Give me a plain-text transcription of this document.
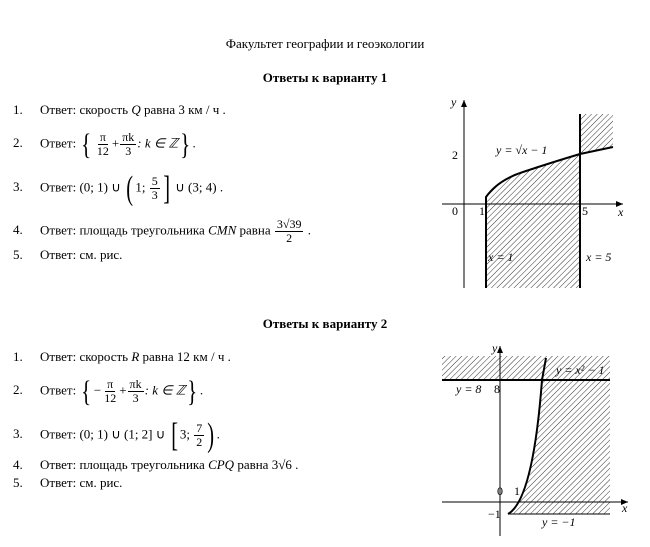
Факультет географии и геоэкологии
Ответы к варианту 1
1. Ответ: скорость Q равна 3 км / ч .
2. Ответ: { $\frac{\pi}{12} + \frac{\pi k}{3}$ : k ∈ ℤ} .
3. Ответ: (0; 1) ∪ ( 1; $\frac{5}{3}$ ] ∪ (3; 4) .
4. Ответ: площадь треугольника CMN равна $\frac{3√39}{2}$ .
5. Ответ: см. рис.
y
x
0 1	5
2	y = √x − 1
x = 1	x = 5
Ответы к варианту 2
1. Ответ: скорость R равна 12 км / ч .
2. Ответ: { − $\frac{\pi}{12} + \frac{\pi k}{3}$ : k ∈ ℤ} .
3. Ответ: (0; 1) ∪ (1; 2] ∪ [ 3; $\frac{7}{2}$ ) .
4. Ответ: площадь треугольника CPQ равна 3√6 .
5. Ответ: см. рис.
y
x
0 1
8
−1
y = x² − 1
y = 8
y = −1
